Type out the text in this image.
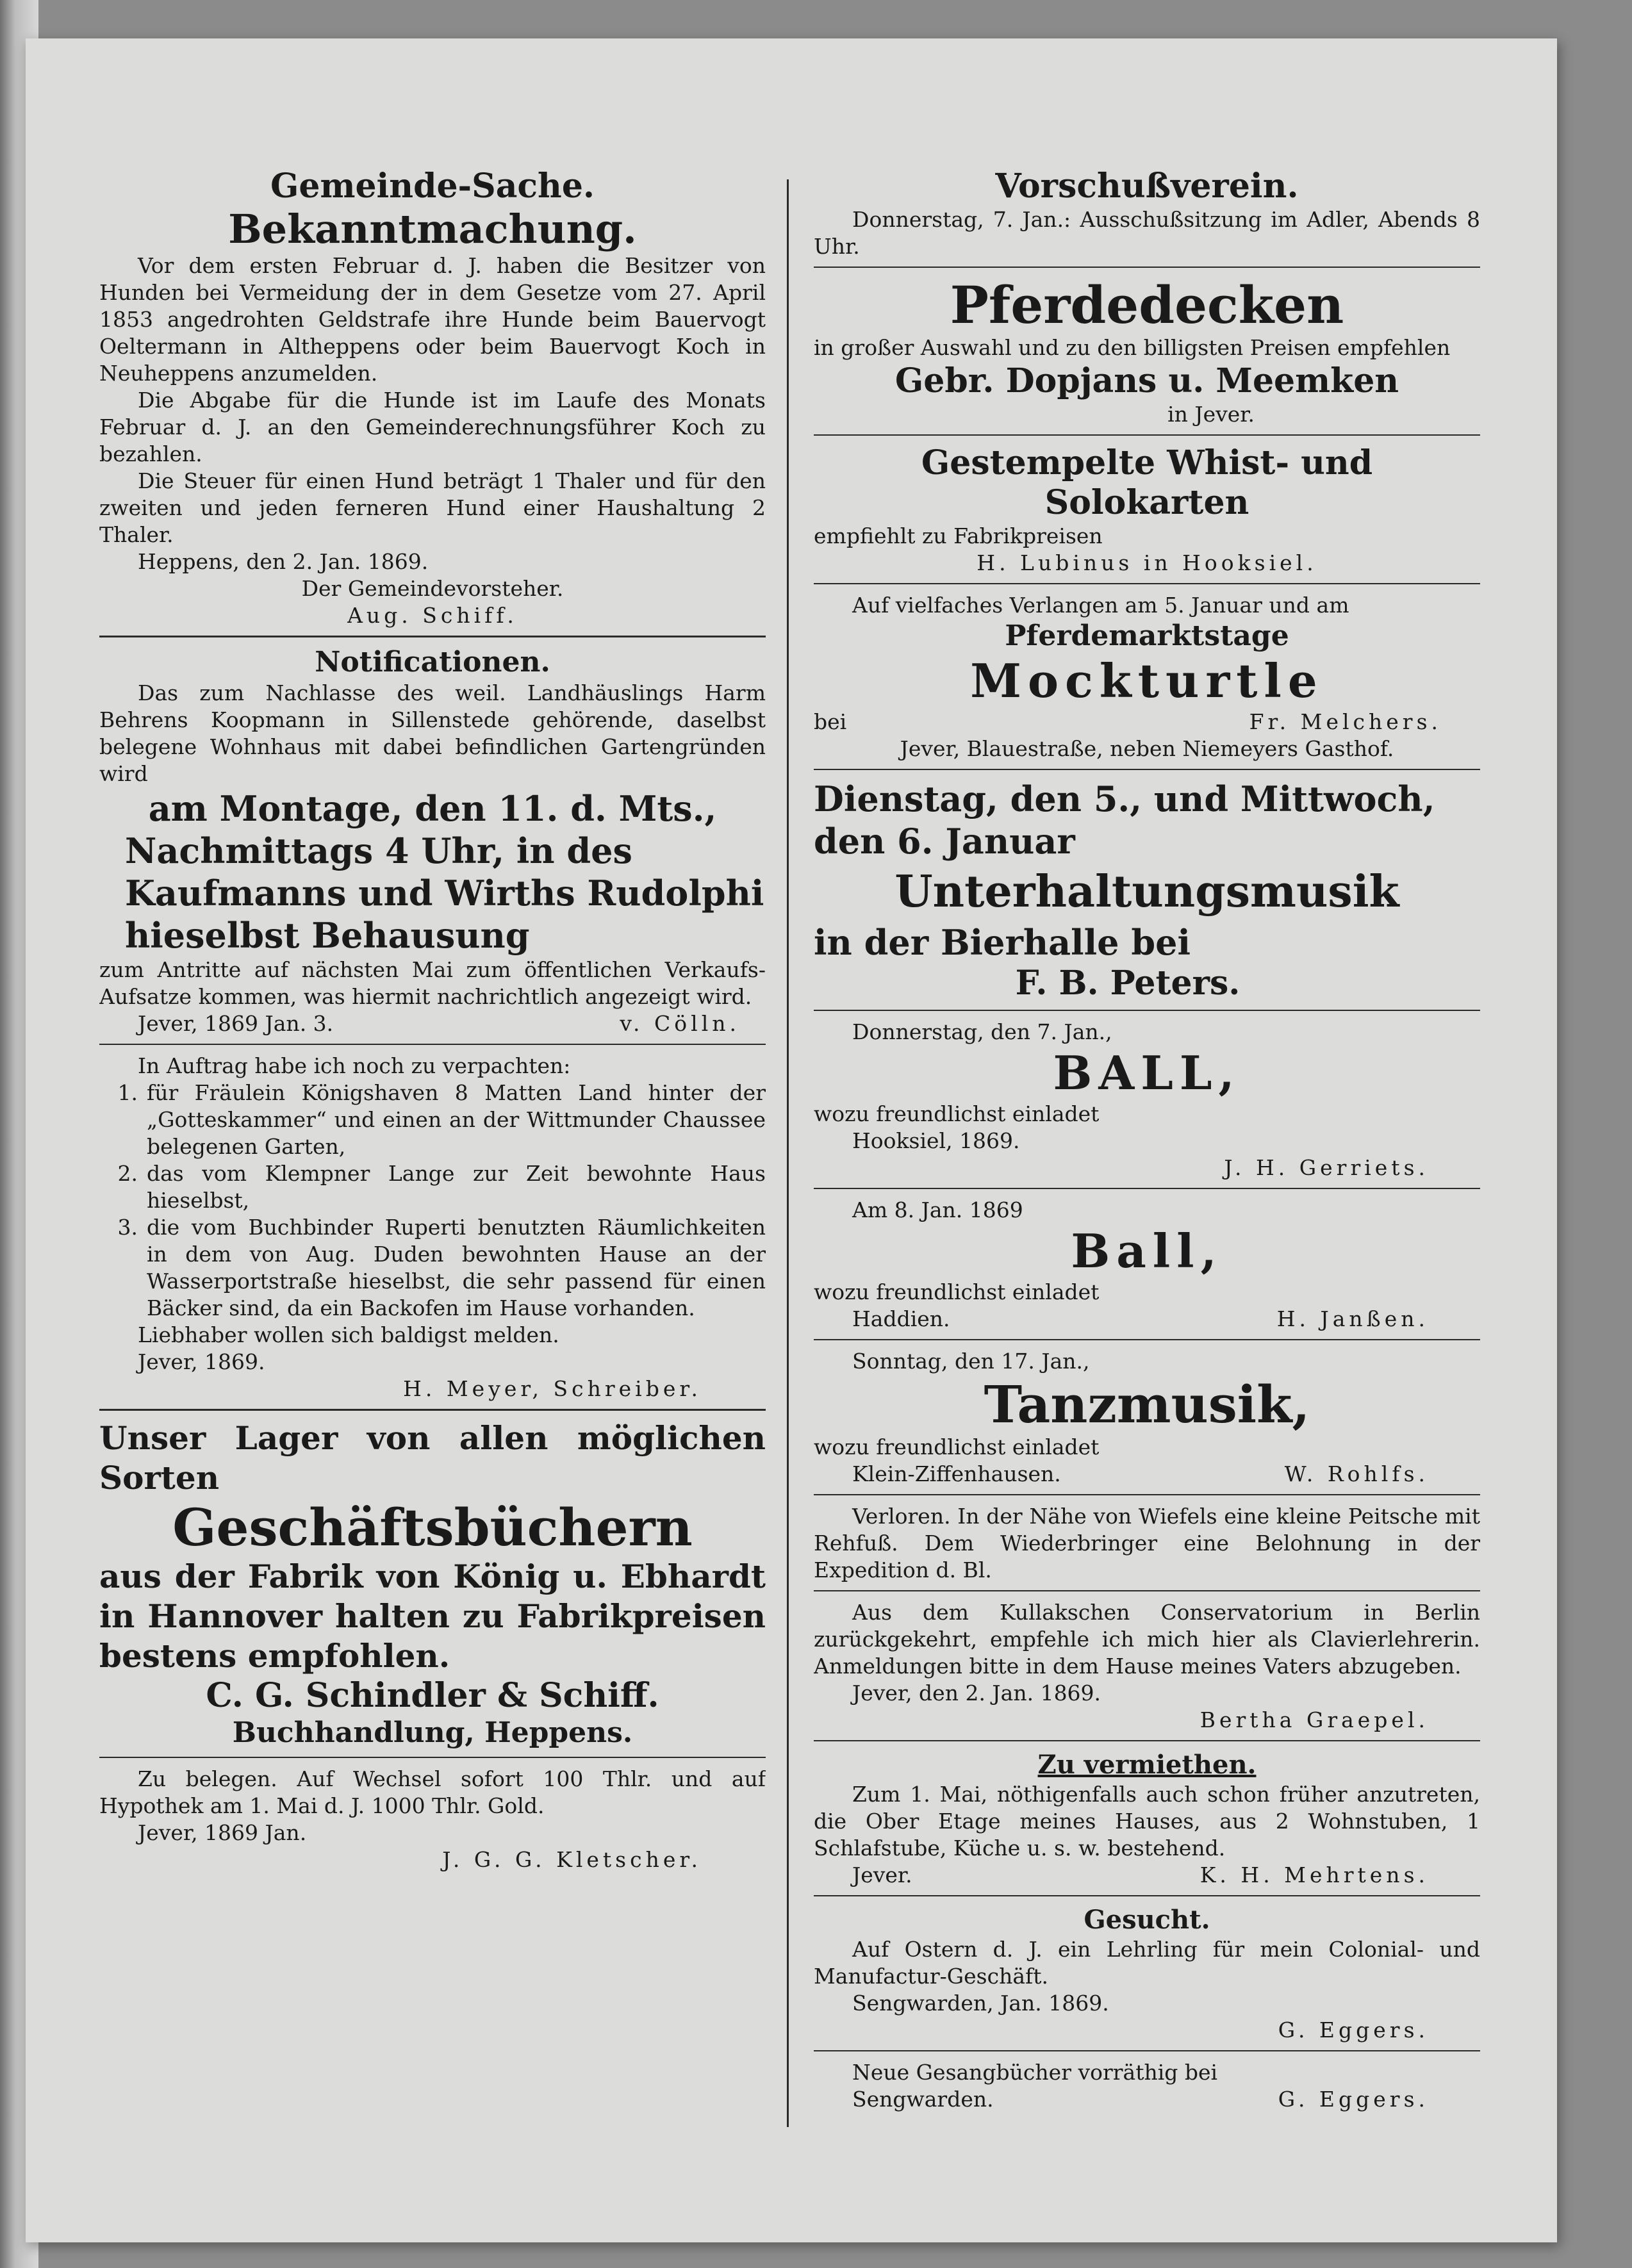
Gemeinde-Sache.

Bekanntmachung.

Vor dem ersten Februar d. J. haben die Besitzer von Hunden bei Vermeidung der in dem Gesetze vom 27. April 1853 angedrohten Geldstrafe ihre Hunde beim Bauervogt Oeltermann in Altheppens oder beim Bauervogt Koch in Neuheppens anzumelden.

Die Abgabe für die Hunde ist im Laufe des Monats Februar d. J. an den Gemeinderechnungsführer Koch zu bezahlen.

Die Steuer für einen Hund beträgt 1 Thaler und für den zweiten und jeden ferneren Hund einer Haushaltung 2 Thaler.

Heppens, den 2. Jan. 1869.

Der Gemeindevorsteher.

Aug. Schiff.

Notificationen.

Das zum Nachlasse des weil. Landhäuslings Harm Behrens Koopmann in Sillenstede gehörende, daselbst belegene Wohnhaus mit dabei befindlichen Gartengründen wird

am Montage, den 11. d. Mts.,

Nachmittags 4 Uhr, in des Kaufmanns und Wirths Rudolphi hieselbst Behausung

zum Antritte auf nächsten Mai zum öffentlichen Verkaufs-Aufsatze kommen, was hiermit nachrichtlich angezeigt wird.

Jever, 1869 Jan. 3.	v. Cölln.

In Auftrag habe ich noch zu verpachten:

1. für Fräulein Königshaven 8 Matten Land hinter der „Gotteskammer“ und einen an der Wittmunder Chaussee belegenen Garten,
2. das vom Klempner Lange zur Zeit bewohnte Haus hieselbst,
3. die vom Buchbinder Ruperti benutzten Räumlichkeiten in dem von Aug. Duden bewohnten Hause an der Wasserportstraße hieselbst, die sehr passend für einen Bäcker sind, da ein Backofen im Hause vorhanden.

Liebhaber wollen sich baldigst melden.

Jever, 1869.

H. Meyer, Schreiber.

Unser Lager von allen möglichen Sorten

Geschäftsbüchern

aus der Fabrik von König u. Ebhardt in Hannover halten zu Fabrikpreisen bestens empfohlen.

C. G. Schindler & Schiff.

Buchhandlung, Heppens.

Zu belegen. Auf Wechsel sofort 100 Thlr. und auf Hypothek am 1. Mai d. J. 1000 Thlr. Gold.

Jever, 1869 Jan.

J. G. G. Kletscher.

Vorschußverein.

Donnerstag, 7. Jan.: Ausschußsitzung im Adler, Abends 8 Uhr.

Pferdedecken

in großer Auswahl und zu den billigsten Preisen empfehlen

Gebr. Dopjans u. Meemken

in Jever.

Gestempelte Whist- und Solokarten

empfiehlt zu Fabrikpreisen

H. Lubinus in Hooksiel.

Auf vielfaches Verlangen am 5. Januar und am

Pferdemarktstage

Mockturtle

bei	Fr. Melchers.

Jever, Blauestraße, neben Niemeyers Gasthof.

Dienstag, den 5., und Mittwoch,

den 6. Januar

Unterhaltungsmusik

in der Bierhalle bei

F. B. Peters.

Donnerstag, den 7. Jan.,

BALL,

wozu freundlichst einladet

Hooksiel, 1869.

J. H. Gerriets.

Am 8. Jan. 1869

Ball,

wozu freundlichst einladet

Haddien.	H. Janßen.

Sonntag, den 17. Jan.,

Tanzmusik,

wozu freundlichst einladet

Klein-Ziffenhausen.	W. Rohlfs.

Verloren. In der Nähe von Wiefels eine kleine Peitsche mit Rehfuß. Dem Wiederbringer eine Belohnung in der Expedition d. Bl.

Aus dem Kullakschen Conservatorium in Berlin zurückgekehrt, empfehle ich mich hier als Clavierlehrerin. Anmeldungen bitte in dem Hause meines Vaters abzugeben.

Jever, den 2. Jan. 1869.

Bertha Graepel.

Zu vermiethen.

Zum 1. Mai, nöthigenfalls auch schon früher anzutreten, die Ober Etage meines Hauses, aus 2 Wohnstuben, 1 Schlafstube, Küche u. s. w. bestehend.

Jever.	K. H. Mehrtens.

Gesucht.

Auf Ostern d. J. ein Lehrling für mein Colonial- und Manufactur-Geschäft.

Sengwarden, Jan. 1869.

G. Eggers.

Neue Gesangbücher vorräthig bei

Sengwarden.	G. Eggers.
